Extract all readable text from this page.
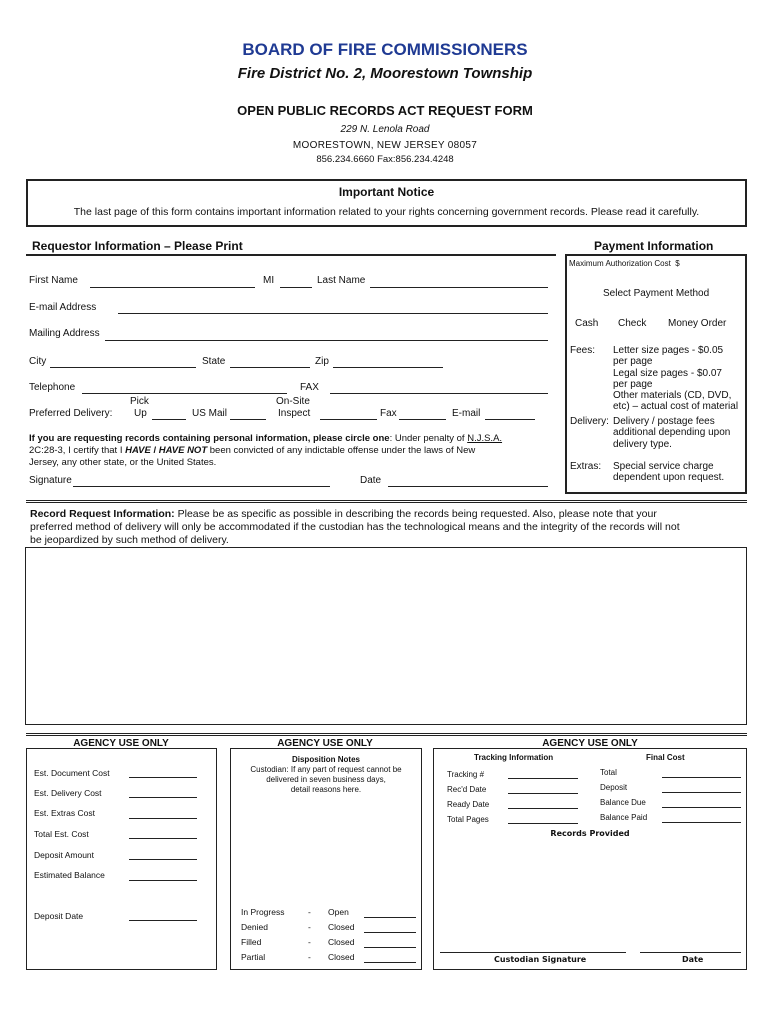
BOARD OF FIRE COMMISSIONERS
Fire District No. 2, Moorestown Township
OPEN PUBLIC RECORDS ACT REQUEST FORM
229 N. Lenola Road
MOORESTOWN, NEW JERSEY 08057
856.234.6660 Fax:856.234.4248
Important Notice
The last page of this form contains important information related to your rights concerning government records. Please read it carefully.
Requestor Information – Please Print
First Name	MI	Last Name
E-mail Address
Mailing Address
City	State	Zip
Telephone	FAX
Preferred Delivery:
Pick
Up	US Mail
On-Site
Inspect	Fax	E-mail
If you are requesting records containing personal information, please circle one: Under penalty of N.J.S.A.
2C:28-3, I certify that I HAVE / HAVE NOT been convicted of any indictable offense under the laws of New
Jersey, any other state, or the United States.
Signature	Date
Payment Information
Maximum Authorization Cost $
Select Payment Method
Cash Check Money Order
Fees: Letter size pages - $0.05
per page
Legal size pages - $0.07
per page
Other materials (CD, DVD,
etc) – actual cost of material
Delivery: Delivery / postage fees
additional depending upon
delivery type.
Extras: Special service charge
dependent upon request.
Record Request Information: Please be as specific as possible in describing the records being requested. Also, please note that your
preferred method of delivery will only be accommodated if the custodian has the technological means and the integrity of the records will not
be jeopardized by such method of delivery.
AGENCY USE ONLY
Est. Document Cost
Est. Delivery Cost
Est. Extras Cost
Total Est. Cost
Deposit Amount
Estimated Balance
Deposit Date
AGENCY USE ONLY
Disposition Notes
Custodian: If any part of request cannot be
delivered in seven business days,
detail reasons here.
In Progress	- Open
Denied	- Closed
Filled	- Closed
Partial	- Closed
AGENCY USE ONLY
Tracking Information	Final Cost
Tracking #
Rec'd Date
Ready Date
Total Pages
Total
Deposit
Balance Due
Balance Paid
Records Provided
Custodian Signature	Date
